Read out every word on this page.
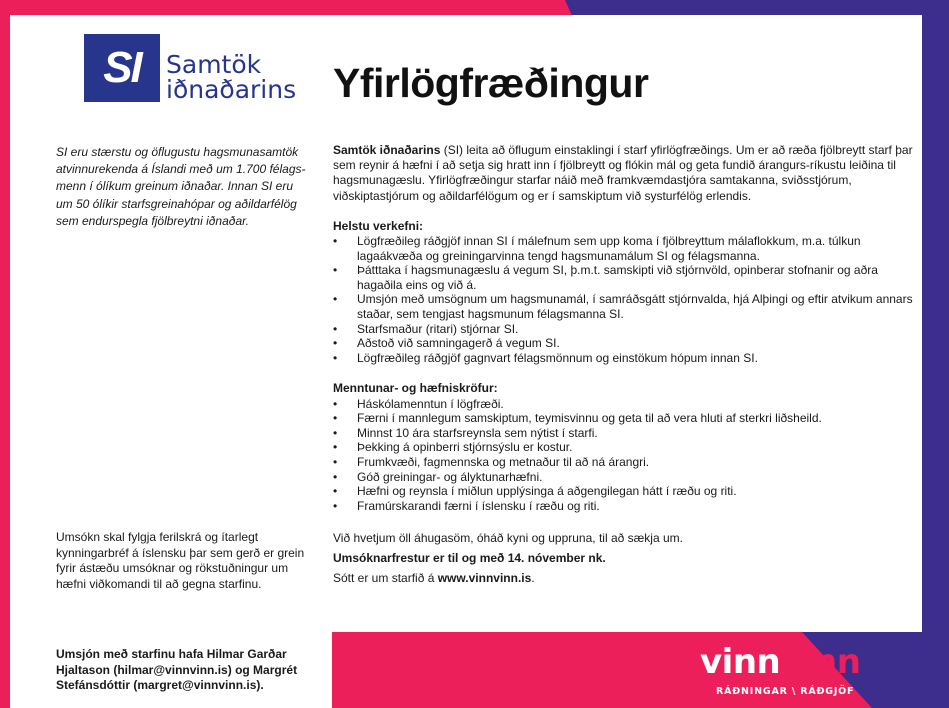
SI	Samtök
iðnaðarins Yfirlögfræðingur
SI eru stærstu og öflugustu hagsmunasamtök atvinnurekenda á Íslandi með um 1.700 félags-menn í ólíkum greinum iðnaðar. Innan SI eru um 50 ólíkir starfsgreinahópar og aðildarfélög sem endurspegla fjölbreytni iðnaðar.
Umsókn skal fylgja ferilskrá og ítarlegt kynningarbréf á íslensku þar sem gerð er grein fyrir ástæðu umsóknar og rökstuðningur um hæfni viðkomandi til að gegna starfinu.
Umsjón með starfinu hafa Hilmar Garðar Hjaltason (hilmar@vinnvinn.is) og Margrét Stefánsdóttir (margret@vinnvinn.is).

Samtök iðnaðarins (SI) leita að öflugum einstaklingi í starf yfirlögfræðings. Um er að ræða fjölbreytt starf þar sem reynir á hæfni í að setja sig hratt inn í fjölbreytt og flókin mál og geta fundið árangurs-ríkustu leiðina til hagsmunagæslu. Yfirlögfræðingur starfar náið með framkvæmdastjóra samtakanna, sviðsstjórum, viðskiptastjórum og aðildarfélögum og er í samskiptum við systurfélög erlendis.

Helstu verkefni:

• Lögfræðileg ráðgjöf innan SI í málefnum sem upp koma í fjölbreyttum málaflokkum, m.a. túlkun lagaákvæða og greiningarvinna tengd hagsmunamálum SI og félagsmanna.
• Þátttaka í hagsmunagæslu á vegum SI, þ.m.t. samskipti við stjórnvöld, opinberar stofnanir og aðra hagaðila eins og við á.
• Umsjón með umsögnum um hagsmunamál, í samráðsgátt stjórnvalda, hjá Alþingi og eftir atvikum annars staðar, sem tengjast hagsmunum félagsmanna SI.
• Starfsmaður (ritari) stjórnar SI.
• Aðstoð við samningagerð á vegum SI.
• Lögfræðileg ráðgjöf gagnvart félagsmönnum og einstökum hópum innan SI.

Menntunar- og hæfniskröfur:

• Háskólamenntun í lögfræði.
• Færni í mannlegum samskiptum, teymisvinnu og geta til að vera hluti af sterkri liðsheild.
• Minnst 10 ára starfsreynsla sem nýtist í starfi.
• Þekking á opinberri stjórnsýslu er kostur.
• Frumkvæði, fagmennska og metnaður til að ná árangri.
• Góð greiningar- og ályktunarhæfni.
• Hæfni og reynsla í miðlun upplýsinga á aðgengilegan hátt í ræðu og riti.
• Framúrskarandi færni í íslensku í ræðu og riti.

Við hvetjum öll áhugasöm, óháð kyni og uppruna, til að sækja um.

Umsóknarfrestur er til og með 14. nóvember nk.

Sótt er um starfið á www.vinnvinn.is.

vinnvinn
RÁÐNINGAR \ RÁÐGJÖF
